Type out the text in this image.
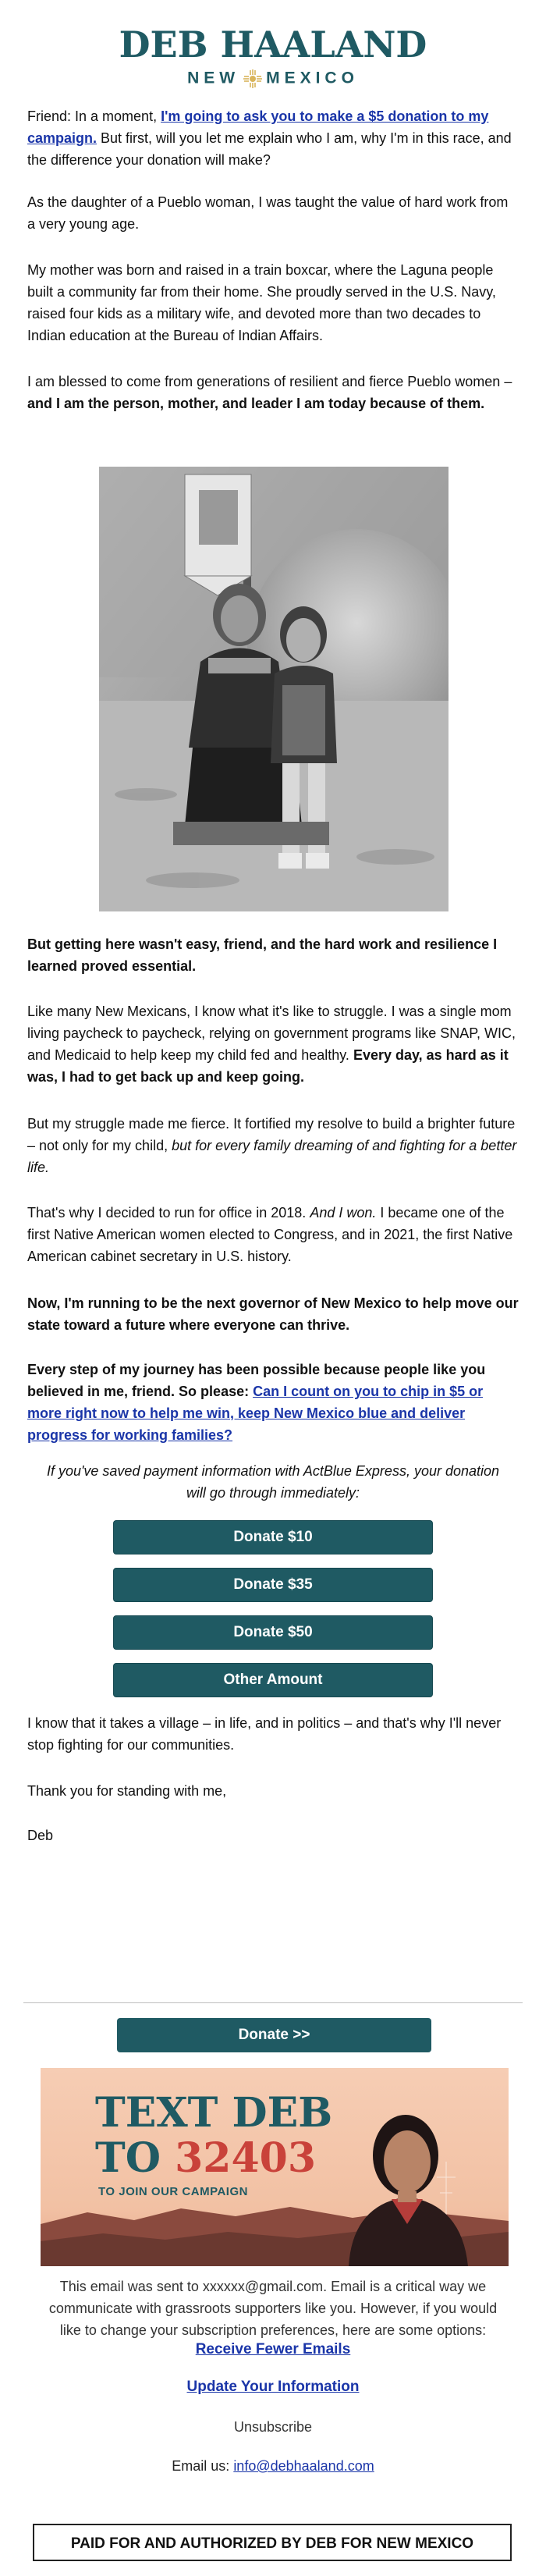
DEB HAALAND
NEW MEXICO

Friend: In a moment, I'm going to ask you to make a $5 donation to my campaign. But first, will you let me explain who I am, why I'm in this race, and the difference your donation will make?

As the daughter of a Pueblo woman, I was taught the value of hard work from a very young age.

My mother was born and raised in a train boxcar, where the Laguna people built a community far from their home. She proudly served in the U.S. Navy, raised four kids as a military wife, and devoted more than two decades to Indian education at the Bureau of Indian Affairs.

I am blessed to come from generations of resilient and fierce Pueblo women – and I am the person, mother, and leader I am today because of them.

But getting here wasn't easy, friend, and the hard work and resilience I learned proved essential.

Like many New Mexicans, I know what it's like to struggle. I was a single mom living paycheck to paycheck, relying on government programs like SNAP, WIC, and Medicaid to help keep my child fed and healthy. Every day, as hard as it was, I had to get back up and keep going.

But my struggle made me fierce. It fortified my resolve to build a brighter future – not only for my child, but for every family dreaming of and fighting for a better life.

That's why I decided to run for office in 2018. And I won. I became one of the first Native American women elected to Congress, and in 2021, the first Native American cabinet secretary in U.S. history.

Now, I'm running to be the next governor of New Mexico to help move our state toward a future where everyone can thrive.

Every step of my journey has been possible because people like you believed in me, friend. So please: Can I count on you to chip in $5 or more right now to help me win, keep New Mexico blue and deliver progress for working families?

If you've saved payment information with ActBlue Express, your donation will go through immediately:

Donate $10
Donate $35
Donate $50
Other Amount

I know that it takes a village – in life, and in politics – and that's why I'll never stop fighting for our communities.

Thank you for standing with me,

Deb

Donate >>
TEXT DEB
TO 32403
TO JOIN OUR CAMPAIGN
This email was sent to xxxxxx@gmail.com. Email is a critical way we communicate with grassroots supporters like you. However, if you would like to change your subscription preferences, here are some options:
Receive Fewer Emails
Update Your Information
Unsubscribe
Email us: info@debhaaland.com
PAID FOR AND AUTHORIZED BY DEB FOR NEW MEXICO
